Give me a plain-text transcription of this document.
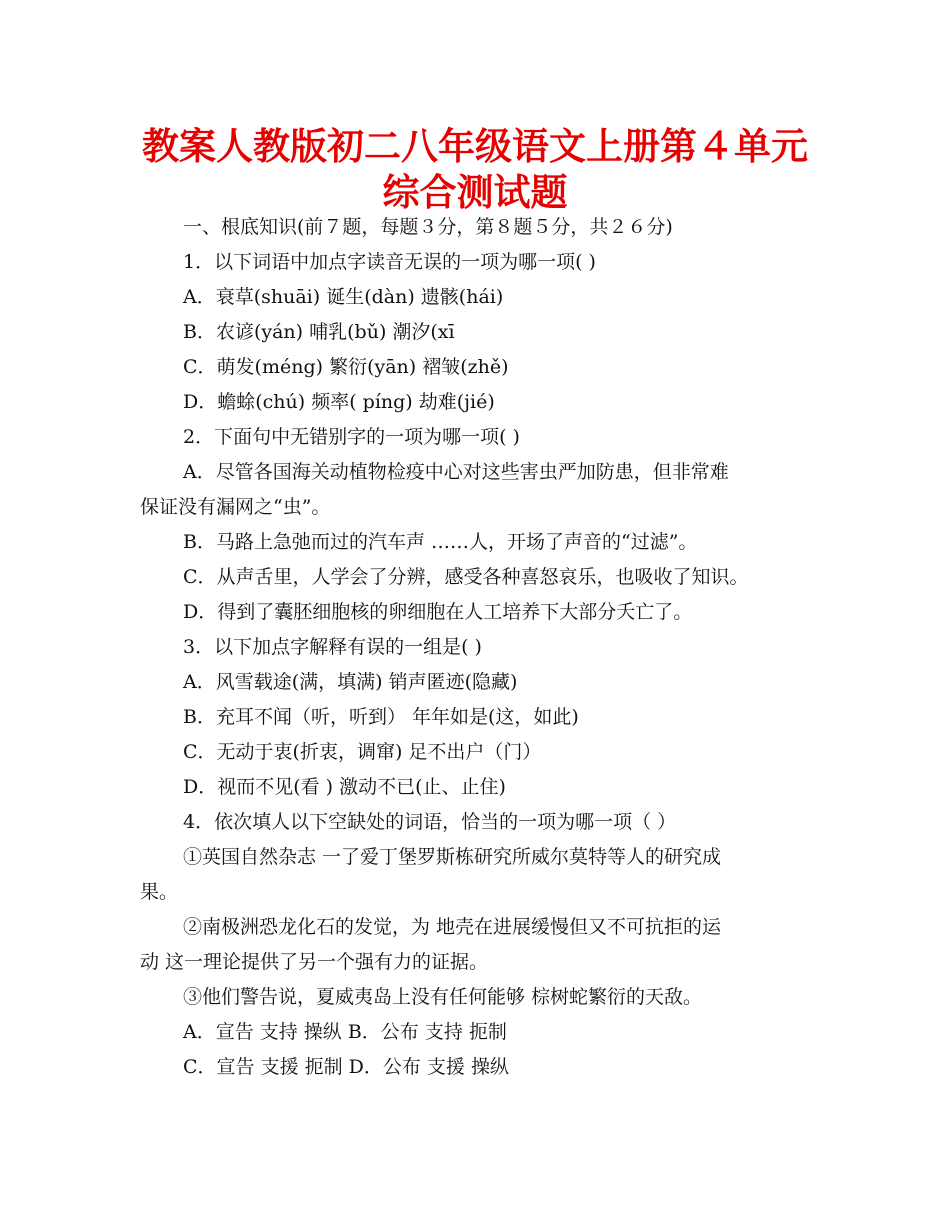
教案人教版初二八年级语文上册第４单元
综合测试题
一、根底知识(前７题，每题３分，第８题５分，共２６分)
1．以下词语中加点字读音无误的一项为哪一项( )
A．衰草(shuāi) 诞生(dàn) 遗骸(hái)
B．农谚(yán) 哺乳(bǔ) 潮汐(xī
C．萌发(méng) 繁衍(yān) 褶皱(zhě)
D．蟾蜍(chú) 频率( píng) 劫难(jié)
2．下面句中无错别字的一项为哪一项( )
A．尽管各国海关动植物检疫中心对这些害虫严加防患，但非常难
保证没有漏网之“虫”。
B．马路上急弛而过的汽车声 ……人，开场了声音的“过滤”。
C．从声舌里，人学会了分辨，感受各种喜怒哀乐，也吸收了知识。
D．得到了囊胚细胞核的卵细胞在人工培养下大部分夭亡了。
3．以下加点字解释有误的一组是( )
A．风雪载途(满，填满) 销声匿迹(隐藏)
B．充耳不闻（听，听到） 年年如是(这，如此)
C．无动于衷(折衷，调窜) 足不出户（门）
D．视而不见(看 ) 激动不已(止、止住)
4．依次填人以下空缺处的词语，恰当的一项为哪一项（ ）
①英国自然杂志 一了爱丁堡罗斯栋研究所威尔莫特等人的研究成
果。
②南极洲恐龙化石的发觉，为 地壳在进展缓慢但又不可抗拒的运
动 这一理论提供了另一个强有力的证据。
③他们警告说，夏威夷岛上没有任何能够 棕树蛇繁衍的天敌。
A．宣告 支持 操纵 B．公布 支持 扼制
C．宣告 支援 扼制 D．公布 支援 操纵
